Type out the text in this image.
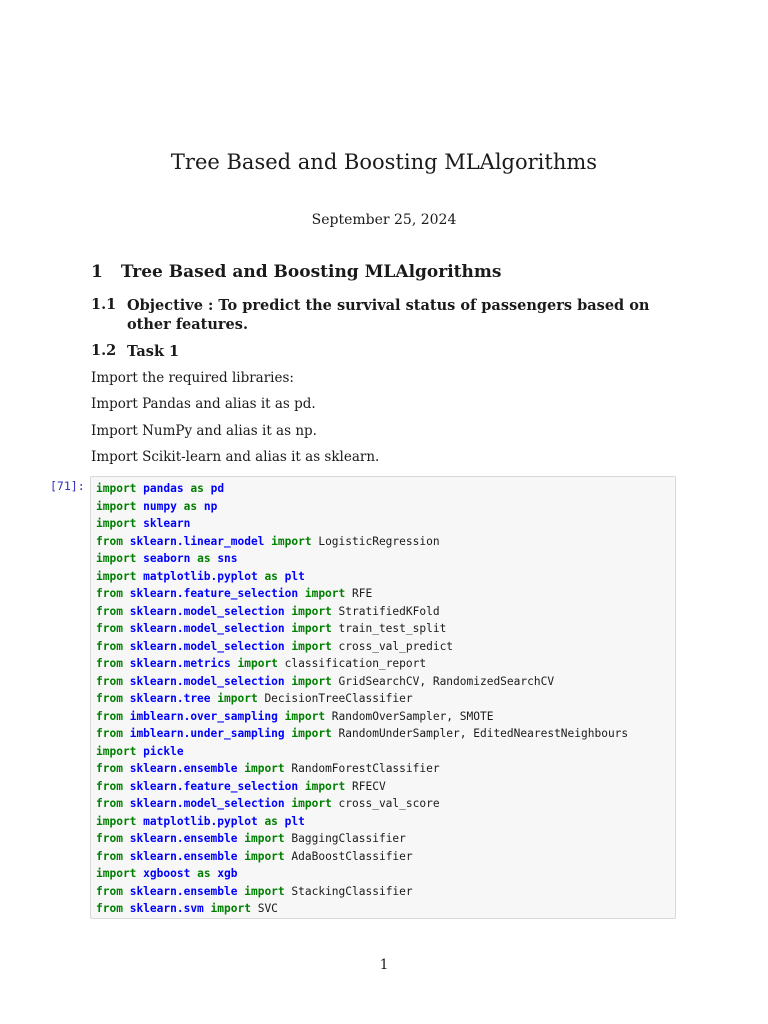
Tree Based and Boosting MLAlgorithms
September 25, 2024
1 Tree Based and Boosting MLAlgorithms
1.1 Objective : To predict the survival status of passengers based on other features.
1.2 Task 1
Import the required libraries:
Import Pandas and alias it as pd.
Import NumPy and alias it as np.
Import Scikit-learn and alias it as sklearn.
[71]: import pandas as pd
import numpy as np
import sklearn
from sklearn.linear_model import LogisticRegression
import seaborn as sns
import matplotlib.pyplot as plt
from sklearn.feature_selection import RFE
from sklearn.model_selection import StratifiedKFold
from sklearn.model_selection import train_test_split
from sklearn.model_selection import cross_val_predict
from sklearn.metrics import classification_report
from sklearn.model_selection import GridSearchCV, RandomizedSearchCV
from sklearn.tree import DecisionTreeClassifier
from imblearn.over_sampling import RandomOverSampler, SMOTE
from imblearn.under_sampling import RandomUnderSampler, EditedNearestNeighbours
import pickle
from sklearn.ensemble import RandomForestClassifier
from sklearn.feature_selection import RFECV
from sklearn.model_selection import cross_val_score
import matplotlib.pyplot as plt
from sklearn.ensemble import BaggingClassifier
from sklearn.ensemble import AdaBoostClassifier
import xgboost as xgb
from sklearn.ensemble import StackingClassifier
from sklearn.svm import SVC
1
